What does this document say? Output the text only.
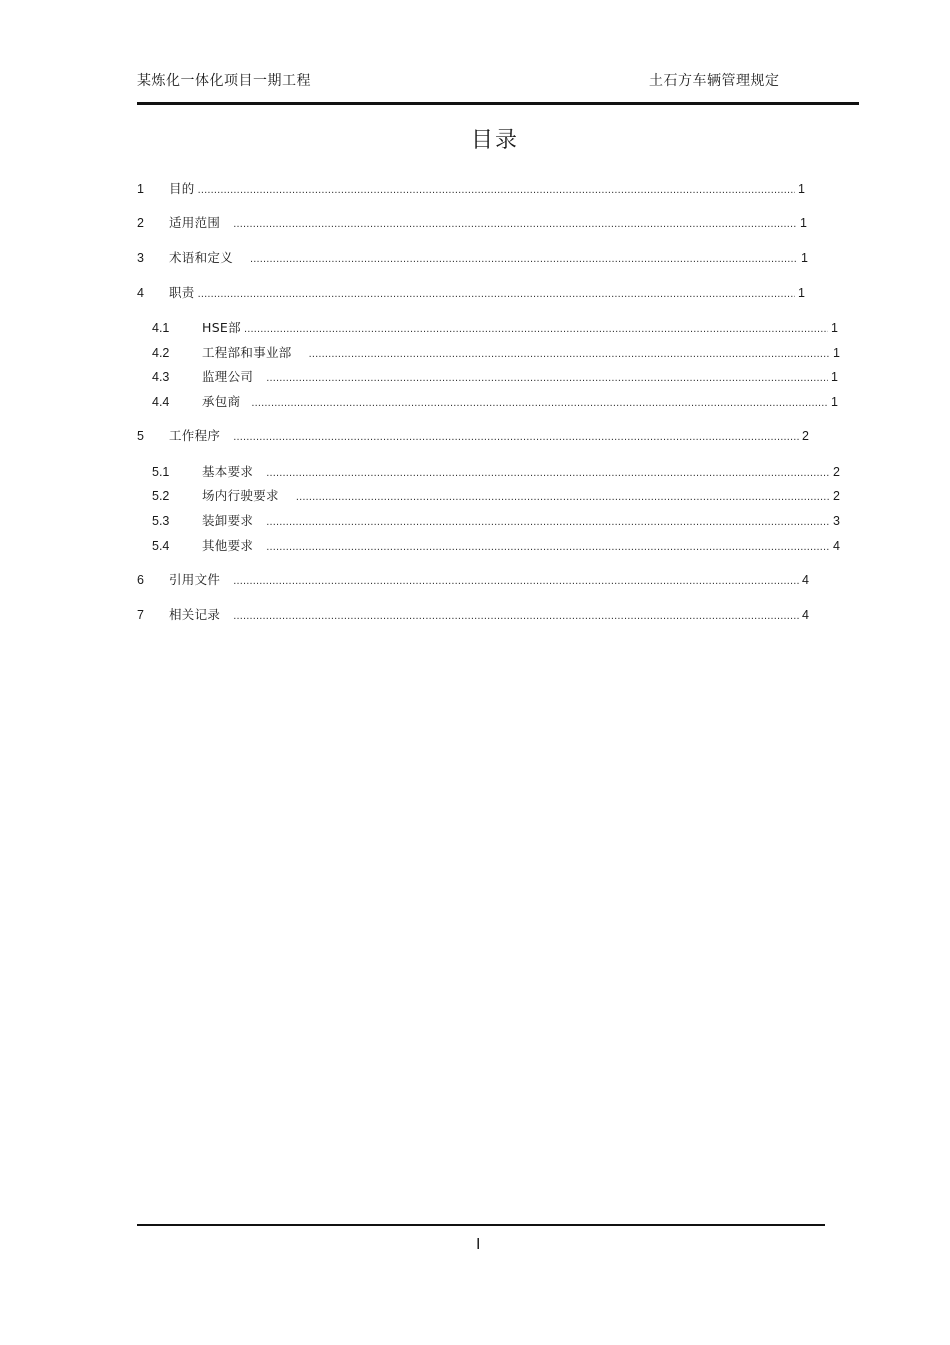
某炼化一体化项目一期工程	土石方车辆管理规定
目录
1	目的 .....	1
2	适用范围 .....	1
3	术语和定义 .....	1
4	职责 .....	1
4.1	HSE部 .....	1
4.2	工程部和事业部 .....	1
4.3	监理公司 .....	1
4.4	承包商 .....	1
5	工作程序 .....	2
5.1	基本要求 .....	2
5.2	场内行驶要求 .....	2
5.3	装卸要求 .....	3
5.4	其他要求 .....	4
6	引用文件 .....	4
7	相关记录 .....	4
I
